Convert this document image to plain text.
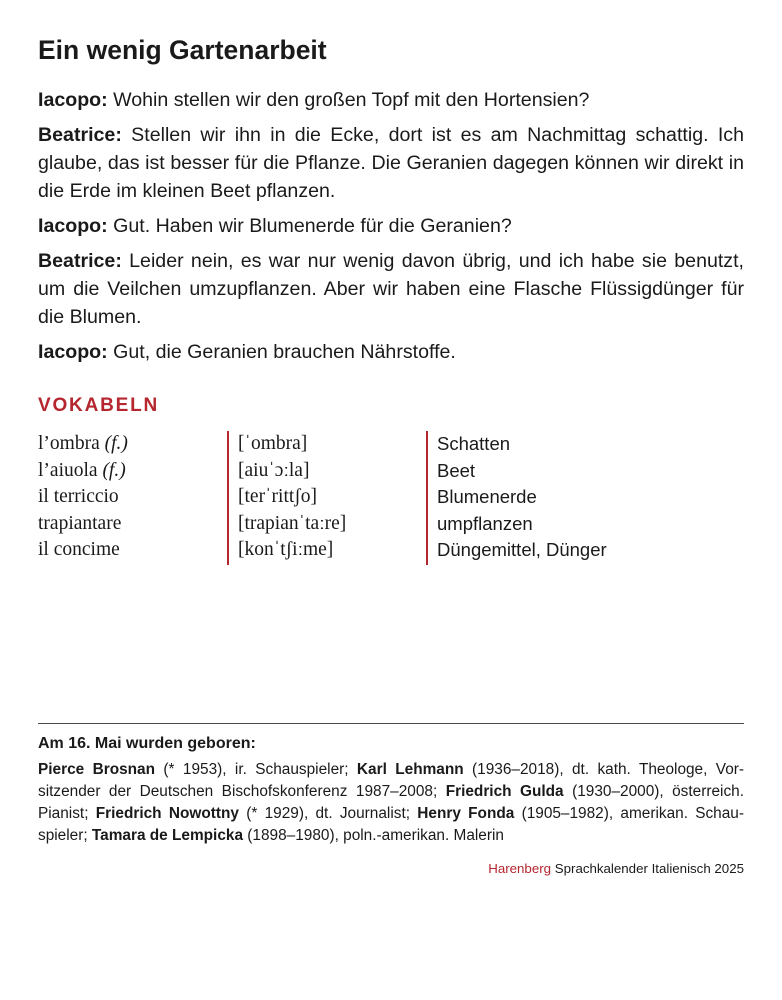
Ein wenig Gartenarbeit

Iacopo: Wohin stellen wir den großen Topf mit den Hortensien?

Beatrice: Stellen wir ihn in die Ecke, dort ist es am Nachmittag schattig. Ich glaube, das ist besser für die Pflanze. Die Geranien dagegen können wir direkt in die Erde im kleinen Beet pflanzen.

Iacopo: Gut. Haben wir Blumenerde für die Geranien?

Beatrice: Leider nein, es war nur wenig davon übrig, und ich habe sie benutzt, um die Veilchen umzupflanzen. Aber wir haben eine Flasche Flüssigdünger für die Blumen.

Iacopo: Gut, die Geranien brauchen Nährstoffe.

VOKABELN
l’ombra (f.)
l’aiuola (f.)
il terriccio
trapiantare
il concime
[ˈombra]
[aiuˈɔːla]
[terˈrittʃo]
[trapianˈtaːre]
[konˈtʃiːme]
Schatten
Beet
Blumenerde
umpflanzen
Düngemittel, Dünger
Am 16. Mai wurden geboren:
Pierce Brosnan (* 1953), ir. Schauspieler; Karl Lehmann (1936–2018), dt. kath. Theologe, Vorsitzender der Deutschen Bischofskonferenz 1987–2008; Friedrich Gulda (1930–2000), österreich. Pianist; Friedrich Nowottny (* 1929), dt. Journalist; Henry Fonda (1905–1982), amerikan. Schauspieler; Tamara de Lempicka (1898–1980), poln.-amerikan. Malerin
Harenberg Sprachkalender Italienisch 2025
